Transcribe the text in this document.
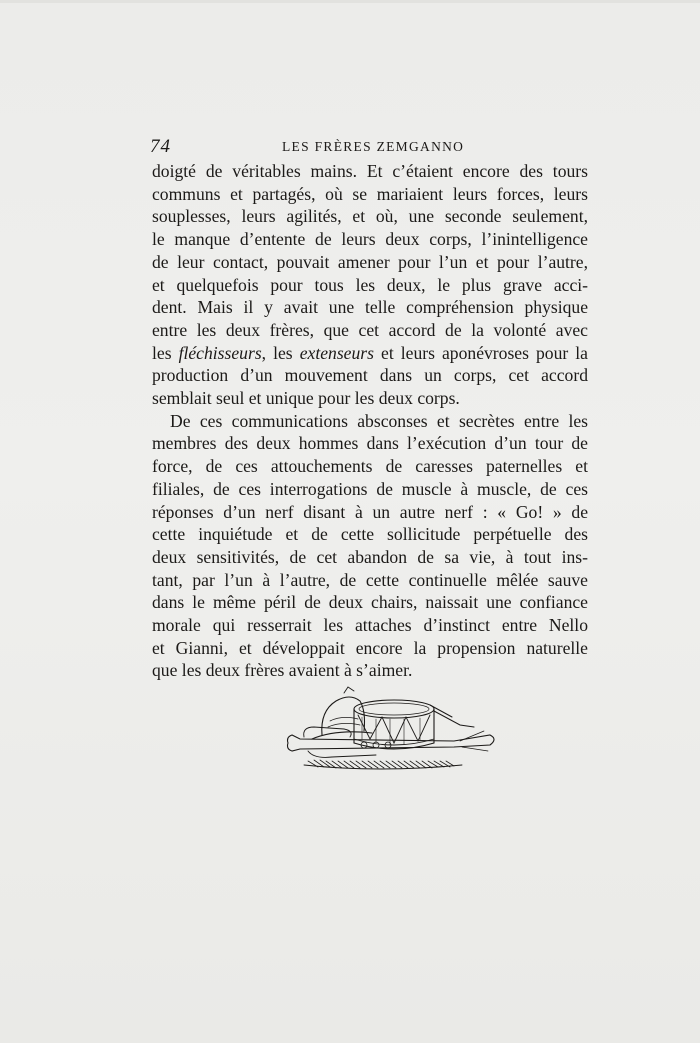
74	LES FRÈRES ZEMGANNO

doigté de véritables mains. Et c’étaient encore des tours
communs et partagés, où se mariaient leurs forces, leurs
souplesses, leurs agilités, et où, une seconde seulement,
le manque d’entente de leurs deux corps, l’inintelligence
de leur contact, pouvait amener pour l’un et pour l’autre,
et quelquefois pour tous les deux, le plus grave acci-
dent. Mais il y avait une telle compréhension physique
entre les deux frères, que cet accord de la volonté avec
les fléchisseurs, les extenseurs et leurs aponévroses pour la
production d’un mouvement dans un corps, cet accord
semblait seul et unique pour les deux corps.

De ces communications absconses et secrètes entre les
membres des deux hommes dans l’exécution d’un tour de
force, de ces attouchements de caresses paternelles et
filiales, de ces interrogations de muscle à muscle, de ces
réponses d’un nerf disant à un autre nerf : « Go! » de
cette inquiétude et de cette sollicitude perpétuelle des
deux sensitivités, de cet abandon de sa vie, à tout ins-
tant, par l’un à l’autre, de cette continuelle mêlée sauve
dans le même péril de deux chairs, naissait une confiance
morale qui resserrait les attaches d’instinct entre Nello
et Gianni, et développait encore la propension naturelle
que les deux frères avaient à s’aimer.
